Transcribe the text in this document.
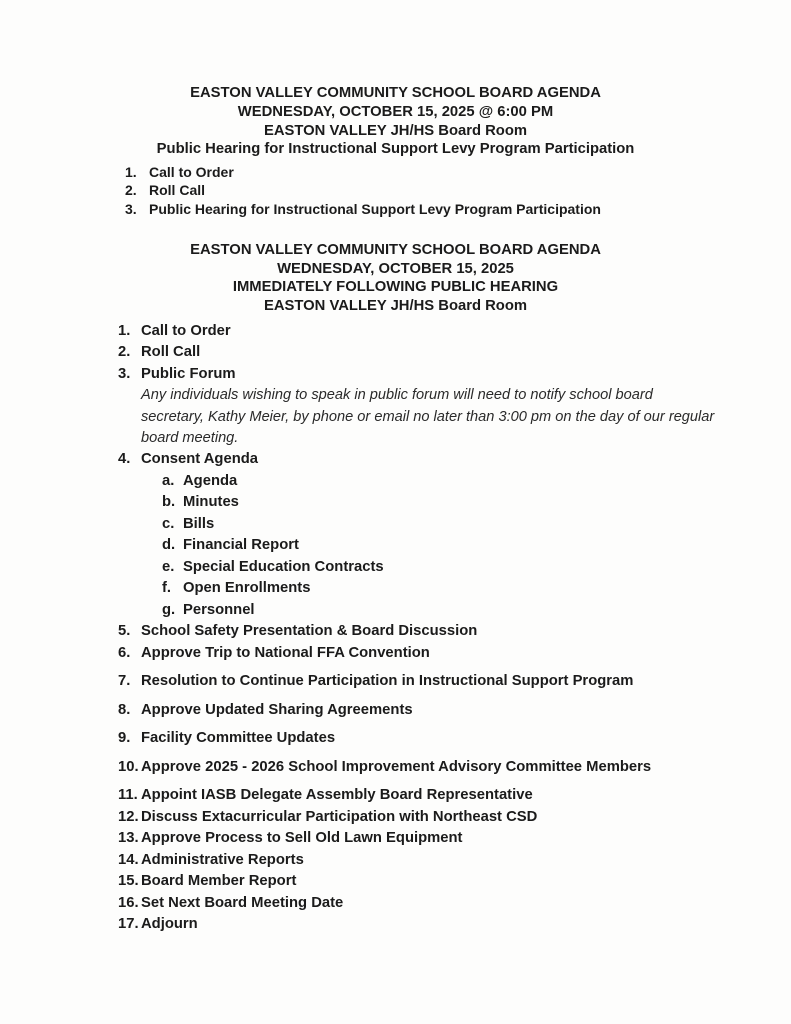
EASTON VALLEY COMMUNITY SCHOOL BOARD AGENDA
WEDNESDAY, OCTOBER 15, 2025 @ 6:00 PM
EASTON VALLEY JH/HS Board Room
Public Hearing for Instructional Support Levy Program Participation
1. Call to Order
2. Roll Call
3. Public Hearing for Instructional Support Levy Program Participation
EASTON VALLEY COMMUNITY SCHOOL BOARD AGENDA
WEDNESDAY, OCTOBER 15, 2025
IMMEDIATELY FOLLOWING PUBLIC HEARING
EASTON VALLEY JH/HS Board Room
1. Call to Order
2. Roll Call
3. Public Forum
Any individuals wishing to speak in public forum will need to notify school board secretary, Kathy Meier, by phone or email no later than 3:00 pm on the day of our regular board meeting.
4. Consent Agenda
a. Agenda
b. Minutes
c. Bills
d. Financial Report
e. Special Education Contracts
f. Open Enrollments
g. Personnel
5. School Safety Presentation & Board Discussion
6. Approve Trip to National FFA Convention
7. Resolution to Continue Participation in Instructional Support Program
8. Approve Updated Sharing Agreements
9. Facility Committee Updates
10. Approve 2025 - 2026 School Improvement Advisory Committee Members
11. Appoint IASB Delegate Assembly Board Representative
12. Discuss Extacurricular Participation with Northeast CSD
13. Approve Process to Sell Old Lawn Equipment
14. Administrative Reports
15. Board Member Report
16. Set Next Board Meeting Date
17. Adjourn
